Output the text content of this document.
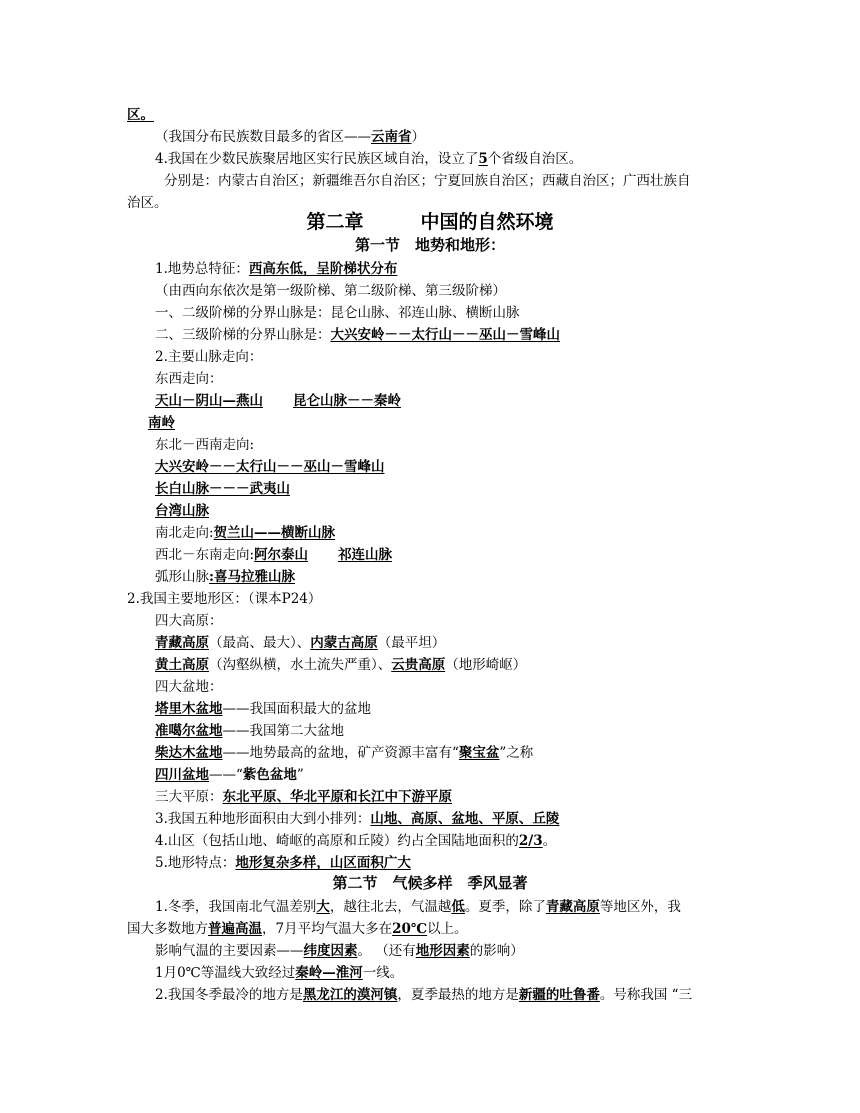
第二章　　　中国的自然环境
第一节　地势和地形：
第二节　气候多样　季风显著
区。
（我国分布民族数目最多的省区——云南省）
4.我国在少数民族聚居地区实行民族区域自治，设立了5个省级自治区。
分别是：内蒙古自治区；新疆维吾尔自治区；宁夏回族自治区；西藏自治区；广西壮族自
治区。
1.地势总特征：西高东低，呈阶梯状分布
（由西向东依次是第一级阶梯、第二级阶梯、第三级阶梯）
一、二级阶梯的分界山脉是：昆仑山脉、祁连山脉、横断山脉
二、三级阶梯的分界山脉是：大兴安岭－－太行山－－巫山－雪峰山
2.主要山脉走向：
东西走向：
天山－阴山—燕山 昆仑山脉－－秦岭
南岭
东北－西南走向:
大兴安岭－－太行山－－巫山－雪峰山
长白山脉－－－武夷山
台湾山脉
南北走向:贺兰山——横断山脉
西北－东南走向:阿尔泰山 祁连山脉
弧形山脉:喜马拉雅山脉
2.我国主要地形区：（课本P24）
四大高原：
青藏高原（最高、最大）、内蒙古高原（最平坦）
黄土高原（沟壑纵横，水土流失严重）、云贵高原（地形崎岖）
四大盆地：
塔里木盆地——我国面积最大的盆地
准噶尔盆地——我国第二大盆地
柴达木盆地——地势最高的盆地，矿产资源丰富有“聚宝盆”之称
四川盆地——“紫色盆地”
三大平原：东北平原、华北平原和长江中下游平原
3.我国五种地形面积由大到小排列：山地、高原、盆地、平原、丘陵
4.山区（包括山地、崎岖的高原和丘陵）约占全国陆地面积的2/3。
5.地形特点：地形复杂多样，山区面积广大
1.冬季，我国南北气温差别大，越往北去，气温越低。夏季，除了青藏高原等地区外，我
国大多数地方普遍高温，7月平均气温大多在20℃以上。
影响气温的主要因素——纬度因素。 （还有地形因素的影响）
1月0℃等温线大致经过秦岭—淮河一线。
2.我国冬季最冷的地方是黑龙江的漠河镇，夏季最热的地方是新疆的吐鲁番。号称我国 “三
